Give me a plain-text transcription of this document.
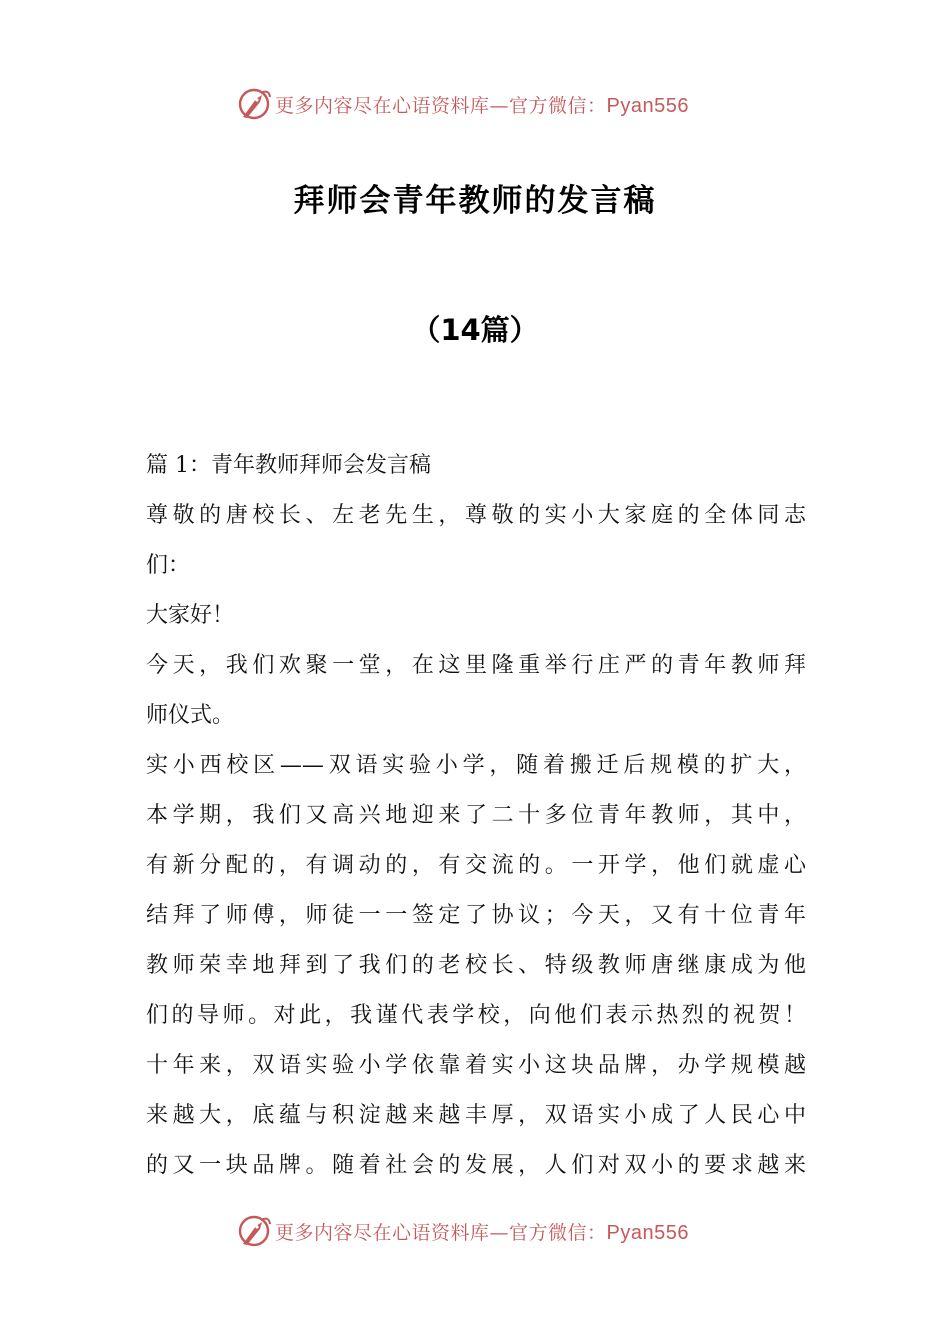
更多内容尽在心语资料库—官方微信：Pyan556
拜师会青年教师的发言稿
（14篇）
篇 1：青年教师拜师会发言稿
尊敬的唐校长、左老先生，尊敬的实小大家庭的全体同志
们：
大家好！
今天，我们欢聚一堂，在这里隆重举行庄严的青年教师拜
师仪式。
实小西校区——双语实验小学，随着搬迁后规模的扩大，
本学期，我们又高兴地迎来了二十多位青年教师，其中，
有新分配的，有调动的，有交流的。一开学，他们就虚心
结拜了师傅，师徒一一签定了协议；今天，又有十位青年
教师荣幸地拜到了我们的老校长、特级教师唐继康成为他
们的导师。对此，我谨代表学校，向他们表示热烈的祝贺！
十年来，双语实验小学依靠着实小这块品牌，办学规模越
来越大，底蕴与积淀越来越丰厚，双语实小成了人民心中
的又一块品牌。随着社会的发展，人们对双小的要求越来
更多内容尽在心语资料库—官方微信：Pyan556
